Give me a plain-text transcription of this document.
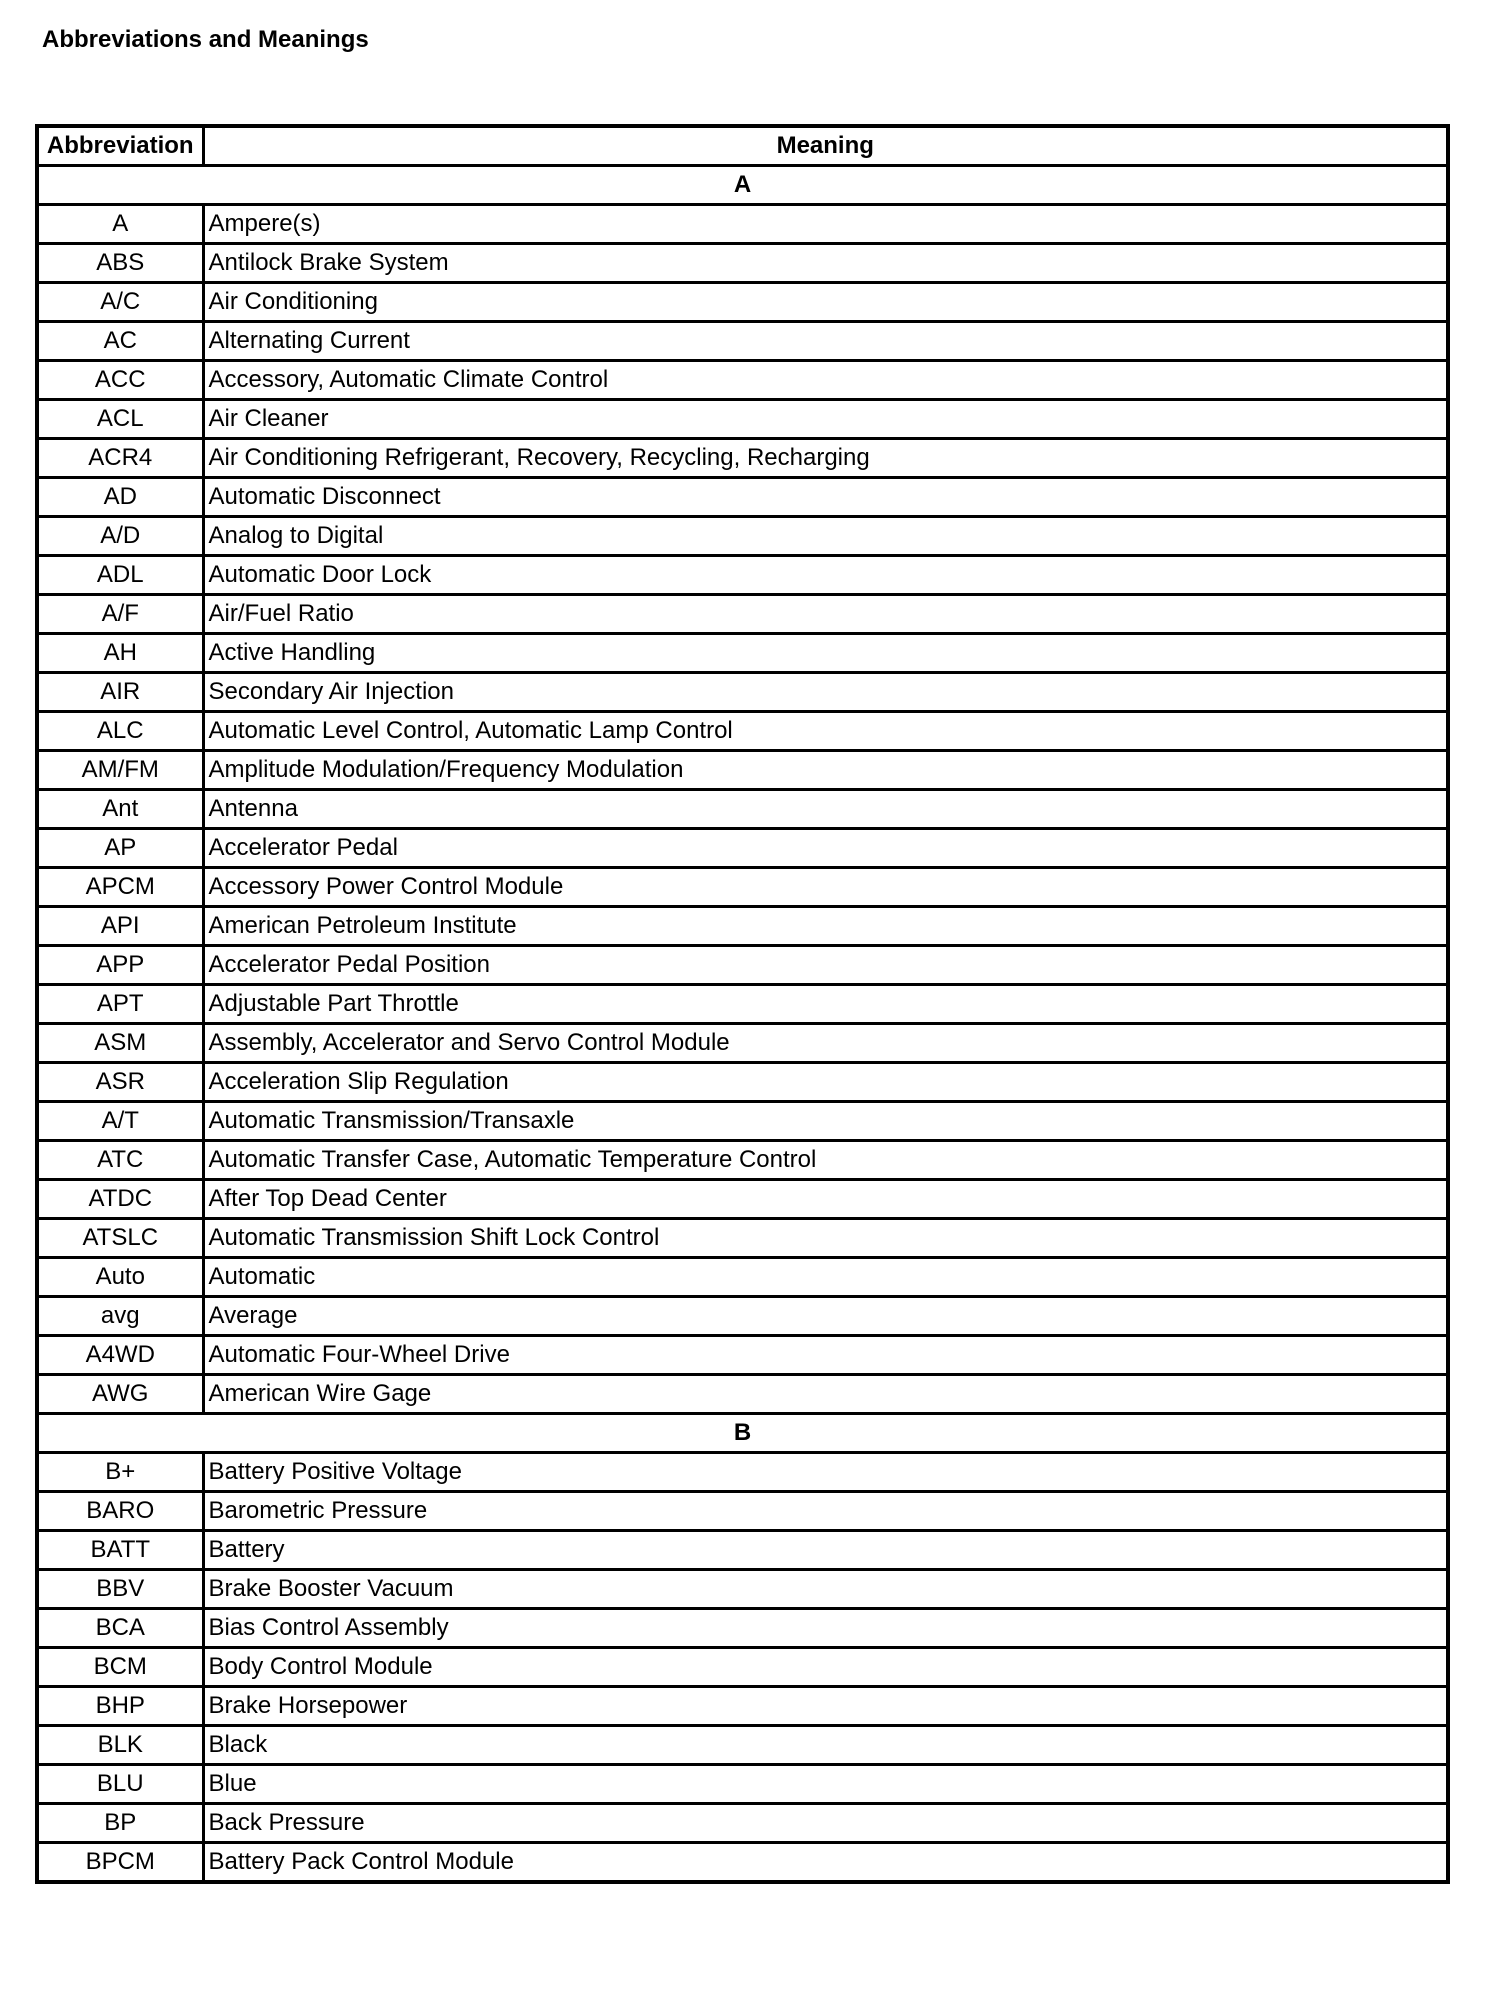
Abbreviations and Meanings
Abbreviation	Meaning
A	
A	Ampere(s)
ABS	Antilock Brake System
A/C	Air Conditioning
AC	Alternating Current
ACC	Accessory, Automatic Climate Control
ACL	Air Cleaner
ACR4	Air Conditioning Refrigerant, Recovery, Recycling, Recharging
AD	Automatic Disconnect
A/D	Analog to Digital
ADL	Automatic Door Lock
A/F	Air/Fuel Ratio
AH	Active Handling
AIR	Secondary Air Injection
ALC	Automatic Level Control, Automatic Lamp Control
AM/FM	Amplitude Modulation/Frequency Modulation
Ant	Antenna
AP	Accelerator Pedal
APCM	Accessory Power Control Module
API	American Petroleum Institute
APP	Accelerator Pedal Position
APT	Adjustable Part Throttle
ASM	Assembly, Accelerator and Servo Control Module
ASR	Acceleration Slip Regulation
A/T	Automatic Transmission/Transaxle
ATC	Automatic Transfer Case, Automatic Temperature Control
ATDC	After Top Dead Center
ATSLC	Automatic Transmission Shift Lock Control
Auto	Automatic
avg	Average
A4WD	Automatic Four-Wheel Drive
AWG	American Wire Gage
B	
B+	Battery Positive Voltage
BARO	Barometric Pressure
BATT	Battery
BBV	Brake Booster Vacuum
BCA	Bias Control Assembly
BCM	Body Control Module
BHP	Brake Horsepower
BLK	Black
BLU	Blue
BP	Back Pressure
BPCM	Battery Pack Control Module
